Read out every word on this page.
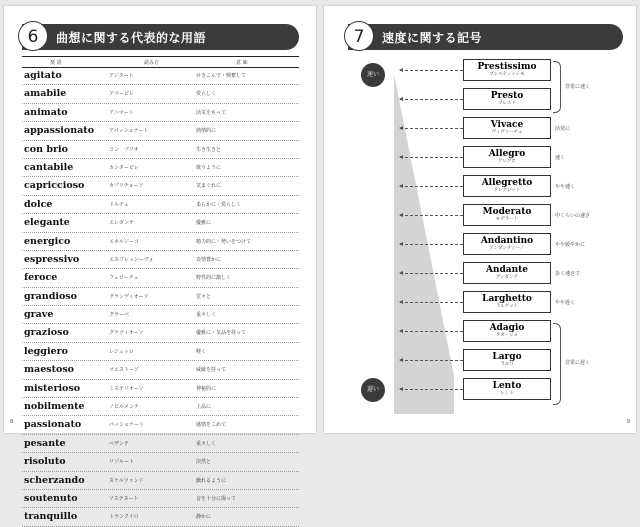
6	曲想に関する代表的な用語
楽 語	読み方	意 味
agitato	アジタート	せきこんで・興奮して
amabile	アマービレ	愛らしく
animato	アニマート	活気をもって
appassionato	アパッショナート	熱情的に
con brio	コン　ブリオ	生き生きと
cantabile	カンタービレ	歌うように
capriccioso	カプリチョーソ	気まぐれに
dolce	ドルチェ	柔らかに・愛らしく
elegante	エレガンテ	優雅に
energico	エネルジーコ	精力的に・勢いをつけて
espressivo	エスプレッシーヴォ	表情豊かに
feroce	フェローチェ	野性的に激しく
grandioso	グランディオーソ	堂々と
grave	グラーベ	重々しく
grazioso	グラツィオーソ	優雅に・気品を持って
leggiero	レジェッロ	軽く
maestoso	マエストーソ	威厳を持って
misterioso	ミステリオーソ	神秘的に
nobilmente	ノビルメンテ	上品に
passionato	パッショナート	感情をこめて
pesante	ペザンテ	重々しく
risoluto	リゾルート	決然と
scherzando	スケルツァンド	戯れるように
soutenuto	ソステヌート	音を十分に保って
tranquillo	トランクイロ	静かに
8
7	速度に関する記号
速い
遅い
Prestissimo
プレスティッシモ
Presto
プレスト
Vivace
ヴィヴァーチェ
活発に
Allegro
アレグロ
速く
Allegretto
アレグレット
やや速く
Moderato
モデラート
中くらいの速さ
Andantino
アンダンティーノ
やや緩やかに
Andante
アンダンテ
歩く速さで
Larghetto
ラルゲット
やや遅く
Adagio
アダージョ
Largo
ラルゴ
Lento
レント
非常に速く
非常に遅く
9
